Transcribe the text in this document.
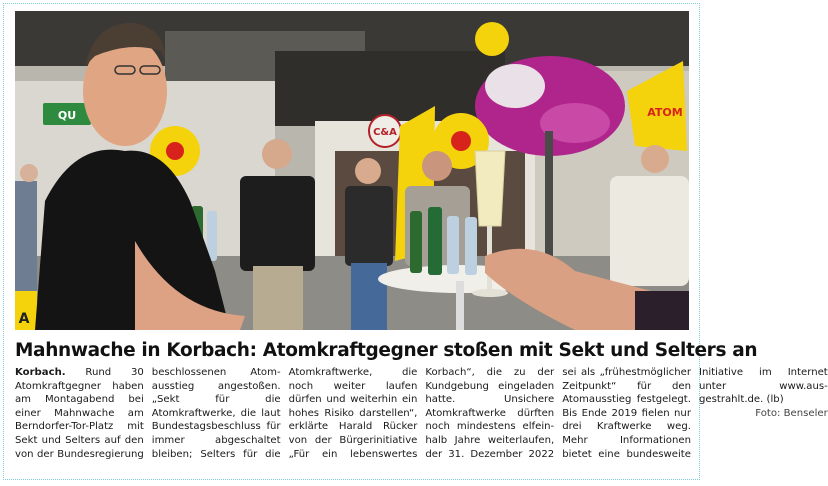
QU
C&A
ATOM
A
Mahnwache in Korbach: Atomkraftgegner stoßen mit Sekt und Selters an

Korbach. Rund 30 Atomkraftgegner haben am Montagabend bei einer Mahnwache am Berndorfer-Tor-Platz mit Sekt und Selters auf den von der Bundesregierung beschlossenen Atomausstieg angestoßen. „Sekt für die Atomkraftwerke, die laut Bundestagsbeschluss für immer abgeschaltet bleiben; Selters für die Atomkraftwerke, die noch weiter laufen dürfen und weiterhin ein hohes Risiko darstellen“, erklärte Harald Rücker von der Bürgerinitiative „Für ein lebenswertes Korbach“, die zu der Kundgebung eingeladen hatte. Unsichere Atomkraftwerke dürften noch mindestens elfeinhalb Jahre weiterlaufen, der 31. Dezember 2022 sei als „frühestmöglicher Zeitpunkt“ für den Atomausstieg festgelegt. Bis Ende 2019 fielen nur drei Kraftwerke weg. Mehr Informationen bietet eine bundesweite Initiative im Internet unter www.ausgestrahlt.de. (lb)
Foto: Benseler
